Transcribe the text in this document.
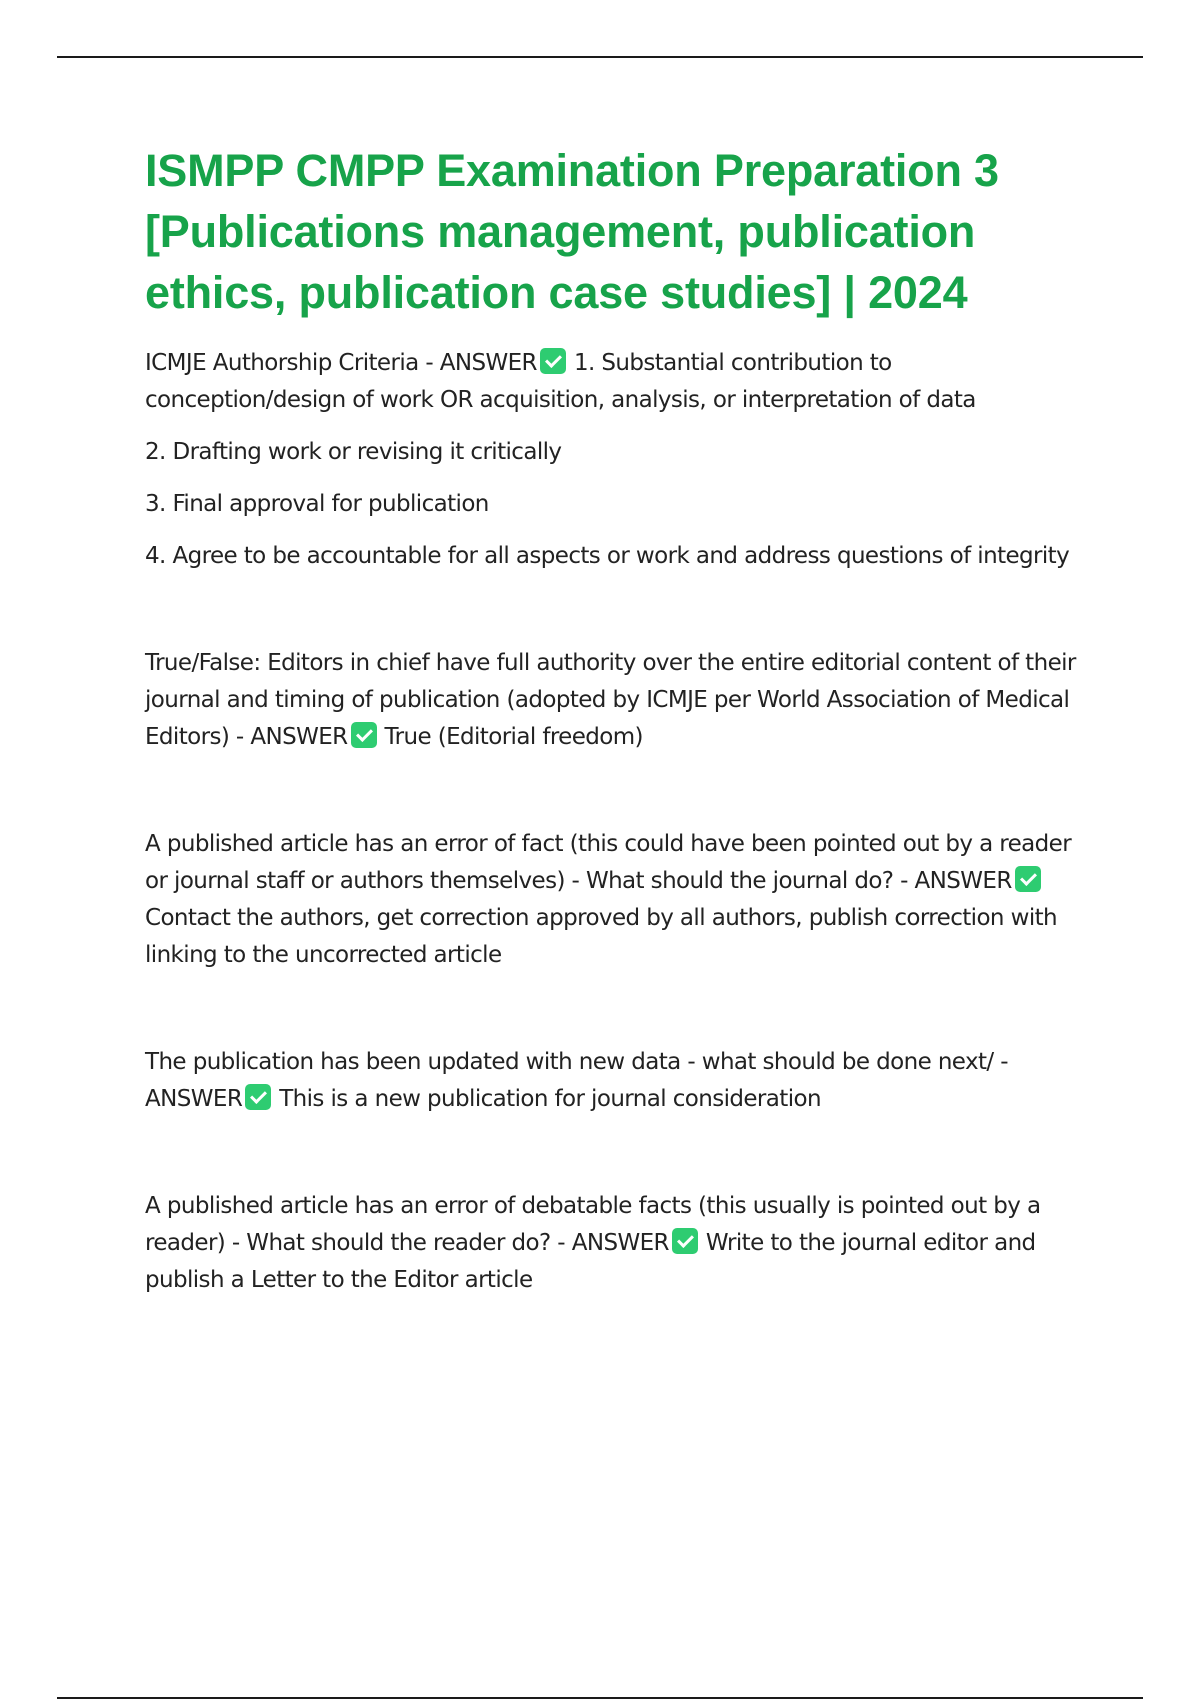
ISMPP CMPP Examination Preparation 3 [Publications management, publication ethics, publication case studies] | 2024

ICMJE Authorship Criteria - ANSWER 1. Substantial contribution to conception/design of work OR acquisition, analysis, or interpretation of data

2. Drafting work or revising it critically

3. Final approval for publication

4. Agree to be accountable for all aspects or work and address questions of integrity

True/False: Editors in chief have full authority over the entire editorial content of their journal and timing of publication (adopted by ICMJE per World Association of Medical Editors) - ANSWER True (Editorial freedom)

A published article has an error of fact (this could have been pointed out by a reader or journal staff or authors themselves) - What should the journal do? - ANSWERContact the authors, get correction approved by all authors, publish correction with linking to the uncorrected article

The publication has been updated with new data - what should be done next/ - ANSWER This is a new publication for journal consideration

A published article has an error of debatable facts (this usually is pointed out by a reader) - What should the reader do? - ANSWER Write to the journal editor and publish a Letter to the Editor article
